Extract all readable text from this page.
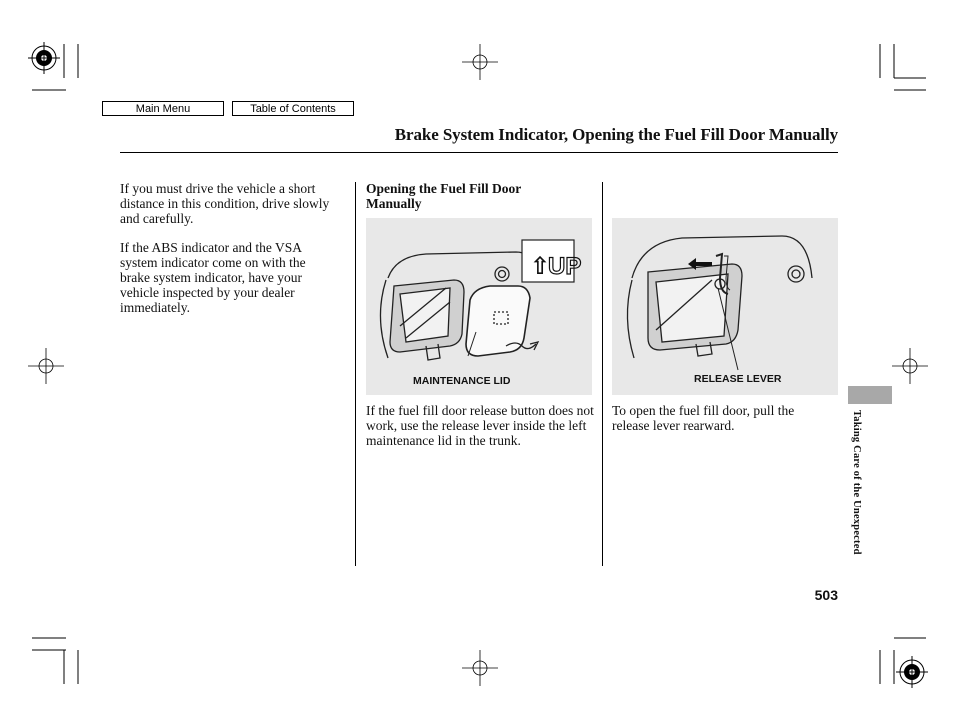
Main Menu	Table of Contents
Brake System Indicator, Opening the Fuel Fill Door Manually
If you must drive the vehicle a short distance in this condition, drive slowly and carefully.
If the ABS indicator and the VSA system indicator come on with the brake system indicator, have your vehicle inspected by your dealer immediately.
Opening the Fuel Fill Door Manually
⇧
UP
MAINTENANCE LID
If the fuel fill door release button does not work, use the release lever inside the left maintenance lid in the trunk.
RELEASE LEVER
To open the fuel fill door, pull the release lever rearward.	Taking Care of the Unexpected
503
